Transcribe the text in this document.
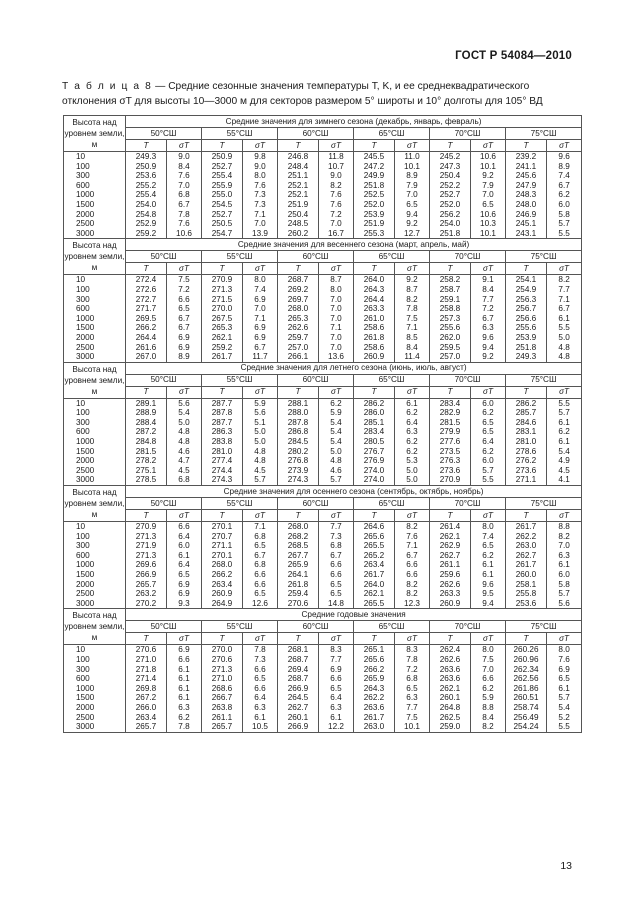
ГОСТ Р 54084—2010
Т а б л и ц а 8 — Средние сезонные значения температуры T, K, и ее среднеквадратического отклонения σT для высоты 10—3000 м для секторов размером 5° широты и 10° долготы для 105° ВД
Высота над уровнем земли, м	Средние значения для зимнего сезона (декабрь, январь, февраль)											
	50°СШ		55°СШ		60°СШ		65°СШ		70°СШ		75°СШ	
	T	σT	T	σT	T	σT	T	σT	T	σT	T	σT
10	249.3	9.0	250.9	9.8	246.8	11.8	245.5	11.0	245.2	10.6	239.2	9.6
100	250.9	8.4	252.7	9.0	248.4	10.7	247.2	10.1	247.3	10.1	241.1	8.9
300	253.6	7.6	255.4	8.0	251.1	9.0	249.9	8.9	250.4	9.2	245.6	7.4
600	255.2	7.0	255.9	7.6	252.1	8.2	251.8	7.9	252.2	7.9	247.9	6.7
1000	255.4	6.8	255.0	7.3	252.1	7.6	252.5	7.0	252.7	7.0	248.3	6.2
1500	254.0	6.7	254.5	7.3	251.9	7.6	252.0	6.5	252.0	6.5	248.0	6.0
2000	254.8	7.8	252.7	7.1	250.4	7.2	253.9	9.4	256.2	10.6	246.9	5.8
2500	252.9	7.6	250.5	7.0	248.5	7.0	251.9	9.2	254.0	10.3	245.1	5.7
3000	259.2	10.6	254.7	13.9	260.2	16.7	255.3	12.7	251.8	10.1	243.1	5.5
Высота над уровнем земли, м	Средние значения для весеннего сезона (март, апрель, май)											
	50°СШ		55°СШ		60°СШ		65°СШ		70°СШ		75°СШ	
	T	σT	T	σT	T	σT	T	σT	T	σT	T	σT
10	272.4	7.5	270.9	8.0	268.7	8.7	264.0	9.2	258.2	9.1	254.1	8.2
100	272.6	7.2	271.3	7.4	269.2	8.0	264.3	8.7	258.7	8.4	254.9	7.7
300	272.7	6.6	271.5	6.9	269.7	7.0	264.4	8.2	259.1	7.7	256.3	7.1
600	271.7	6.5	270.0	7.0	268.0	7.0	263.3	7.8	258.8	7.2	256.7	6.7
1000	269.5	6.7	267.5	7.1	265.3	7.0	261.0	7.5	257.3	6.7	256.6	6.1
1500	266.2	6.7	265.3	6.9	262.6	7.1	258.6	7.1	255.6	6.3	255.6	5.5
2000	264.4	6.9	262.1	6.9	259.7	7.0	261.8	8.5	262.0	9.6	253.9	5.0
2500	261.6	6.9	259.2	6.7	257.0	7.0	258.6	8.4	259.5	9.4	251.8	4.8
3000	267.0	8.9	261.7	11.7	266.1	13.6	260.9	11.4	257.0	9.2	249.3	4.8
Высота над уровнем земли, м	Средние значения для летнего сезона (июнь, июль, август)											
	50°СШ		55°СШ		60°СШ		65°СШ		70°СШ		75°СШ	
	T	σT	T	σT	T	σT	T	σT	T	σT	T	σT
10	289.1	5.6	287.7	5.9	288.1	6.2	286.2	6.1	283.4	6.0	286.2	5.5
100	288.9	5.4	287.8	5.6	288.0	5.9	286.0	6.2	282.9	6.2	285.7	5.7
300	288.4	5.0	287.7	5.1	287.8	5.4	285.1	6.4	281.5	6.5	284.6	6.1
600	287.2	4.8	286.3	5.0	286.8	5.4	283.4	6.3	279.9	6.5	283.1	6.2
1000	284.8	4.8	283.8	5.0	284.5	5.4	280.5	6.2	277.6	6.4	281.0	6.1
1500	281.5	4.6	281.0	4.8	280.2	5.0	276.7	6.2	273.5	6.2	278.6	5.4
2000	278.2	4.7	277.4	4.8	276.8	4.8	276.9	5.3	276.3	6.0	276.2	4.9
2500	275.1	4.5	274.4	4.5	273.9	4.6	274.0	5.0	273.6	5.7	273.6	4.5
3000	278.5	6.8	274.3	5.7	274.3	5.7	274.0	5.0	270.9	5.5	271.1	4.1
Высота над уровнем земли, м	Средние значения для осеннего сезона (сентябрь, октябрь, ноябрь)											
	50°СШ		55°СШ		60°СШ		65°СШ		70°СШ		75°СШ	
	T	σT	T	σT	T	σT	T	σT	T	σT	T	σT
10	270.9	6.6	270.1	7.1	268.0	7.7	264.6	8.2	261.4	8.0	261.7	8.8
100	271.3	6.4	270.7	6.8	268.2	7.3	265.6	7.6	262.1	7.4	262.2	8.2
300	271.9	6.0	271.1	6.5	268.5	6.8	265.5	7.1	262.9	6.5	263.0	7.0
600	271.3	6.1	270.1	6.7	267.7	6.7	265.2	6.7	262.7	6.2	262.7	6.3
1000	269.6	6.4	268.0	6.8	265.9	6.6	263.4	6.6	261.1	6.1	261.7	6.1
1500	266.9	6.5	266.2	6.6	264.1	6.6	261.7	6.6	259.6	6.1	260.0	6.0
2000	265.7	6.9	263.4	6.6	261.8	6.5	264.0	8.2	262.6	9.6	258.1	5.8
2500	263.2	6.9	260.9	6.5	259.4	6.5	262.1	8.2	263.3	9.5	255.8	5.7
3000	270.2	9.3	264.9	12.6	270.6	14.8	265.5	12.3	260.9	9.4	253.6	5.6
Высота над уровнем земли, м	Средние годовые значения											
	50°СШ		55°СШ		60°СШ		65°СШ		70°СШ		75°СШ	
	T	σT	T	σT	T	σT	T	σT	T	σT	T	σT
10	270.6	6.9	270.0	7.8	268.1	8.3	265.1	8.3	262.4	8.0	260.26	8.0
100	271.0	6.6	270.6	7.3	268.7	7.7	265.6	7.8	262.6	7.5	260.96	7.6
300	271.8	6.1	271.3	6.6	269.4	6.9	266.2	7.2	263.6	7.0	262.34	6.9
600	271.4	6.1	271.0	6.5	268.7	6.6	265.9	6.8	263.6	6.6	262.56	6.5
1000	269.8	6.1	268.6	6.6	266.9	6.5	264.3	6.5	262.1	6.2	261.86	6.1
1500	267.2	6.1	266.7	6.4	264.5	6.4	262.2	6.3	260.1	5.9	260.51	5.7
2000	266.0	6.3	263.8	6.3	262.7	6.3	263.6	7.7	264.8	8.8	258.74	5.4
2500	263.4	6.2	261.1	6.1	260.1	6.1	261.7	7.5	262.5	8.4	256.49	5.2
3000	265.7	7.8	265.7	10.5	266.9	12.2	263.0	10.1	259.0	8.2	254.24	5.5
13
